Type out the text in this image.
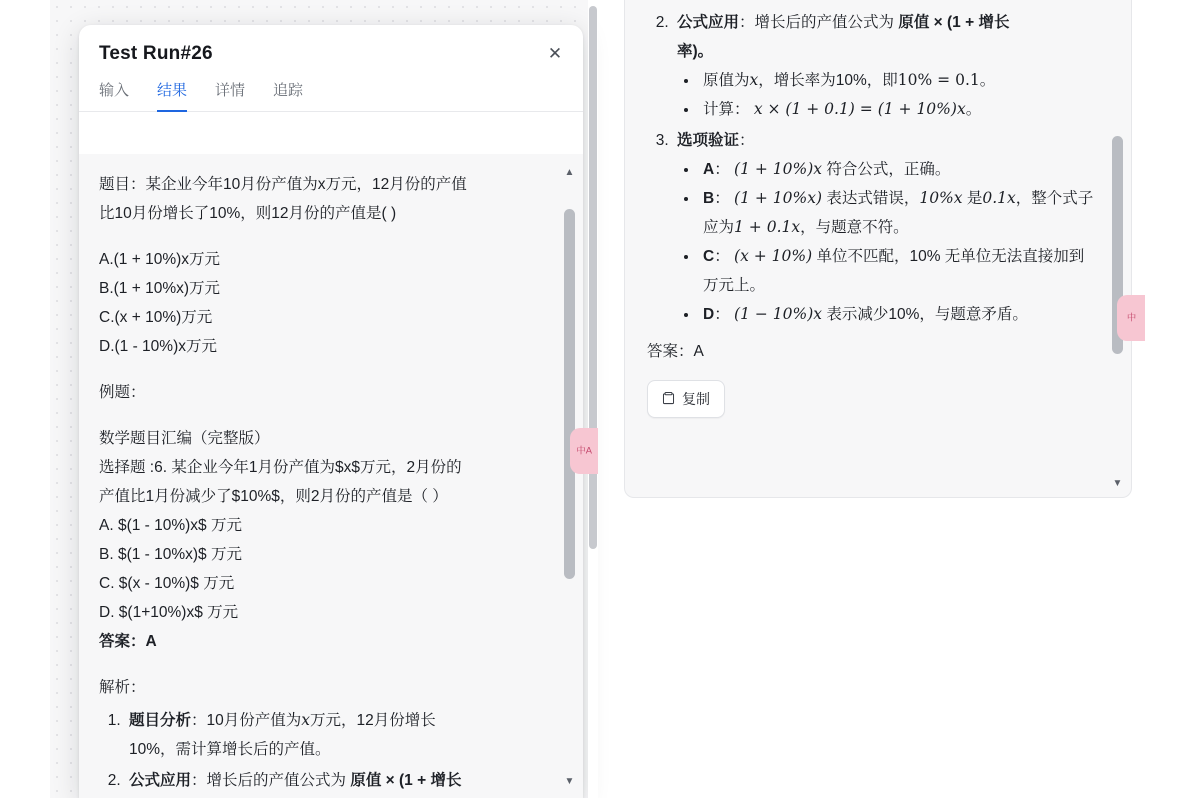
Test Run#26	✕
输入 结果 详情 追踪

题目：某企业今年10月份产值为x万元，12月份的产值

比10月份增长了10%，则12月份的产值是( )

A.(1 + 10%)x万元

B.(1 + 10%x)万元

C.(x + 10%)万元

D.(1 - 10%)x万元

例题：

数学题目汇编（完整版）

选择题 :6. 某企业今年1月份产值为$x$万元，2月份的

产值比1月份减少了$10%$，则2月份的产值是（ ）

A. $(1 - 10%)x$ 万元

B. $(1 - 10%x)$ 万元

C. $(x - 10%)$ 万元

D. $(1+10%)x$ 万元

答案：A

解析：

1. 题目分析：10月份产值为x万元，12月份增长
10%，需计算增长后的产值。
2. 公式应用：增长后的产值公式为 原值 × (1 + 增长
▲
▼
2. 公式应用：增长后的产值公式为 原值 × (1 + 增长
率)。
• 原值为x，增长率为10%，即10% = 0.1。
• 计算： x × (1 + 0.1) = (1 + 10%)x。
3. 选项验证：
• A： (1 + 10%)x 符合公式，正确。
• B： (1 + 10%x) 表达式错误，10%x 是0.1x，整个式子应为1 + 0.1x，与题意不符。
• C： (x + 10%) 单位不匹配，10% 无单位无法直接加到万元上。
• D： (1 − 10%)x 表示减少10%，与题意矛盾。
答案：A
复制
▼
中A
中
